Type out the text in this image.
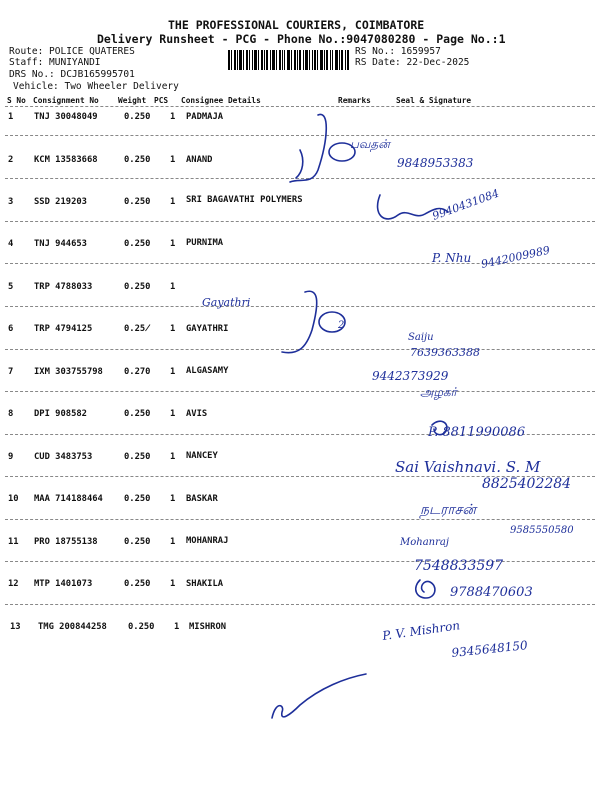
THE PROFESSIONAL COURIERS, COIMBATORE
Delivery Runsheet - PCG - Phone No.:9047080280 - Page No.:1
Route: POLICE QUATERES
Staff: MUNIYANDI
DRS No.: DCJB165995701
Vehicle: Two Wheeler Delivery
RS No.: 1659957
RS Date: 22-Dec-2025
S No Consignment No Weight PCS Consignee Details	Remarks	Seal & Signature
1 TNJ 30048049	0.250 1 PADMAJA
2 KCM 13583668	0.250 1 ANAND
3 SSD 219203	0.250 1 SRI BAGAVATHI POLYMERS
4 TNJ 944653	0.250 1 PURNIMA
5 TRP 4788033	0.250 1
6 TRP 4794125	0.25̸ 1 GAYATHRI
7 IXM 303755798 0.270 1 ALGASAMY
8 DPI 908582	0.250 1 AVIS
9 CUD 3483753	0.250 1 NANCEY
10 MAA 714188464 0.250 1 BASKAR
11 PRO 18755138	0.250 1 MOHANRAJ
12 MTP 1401073	0.250 1 SHAKILA
13 TMG 200844258 0.250 1 MISHRON
பவதன்
9848953383
9940431084
P. Nhu 9442009989
Gayathri
2
Saiju
7639363388
9442373929
அழகர்
P. 8811990086
Sai Vaishnavi. S. M
8825402284
நடராசன்
Mohanraj
9585550580
7548833597
9788470603
P. V. Mishron
9345648150
